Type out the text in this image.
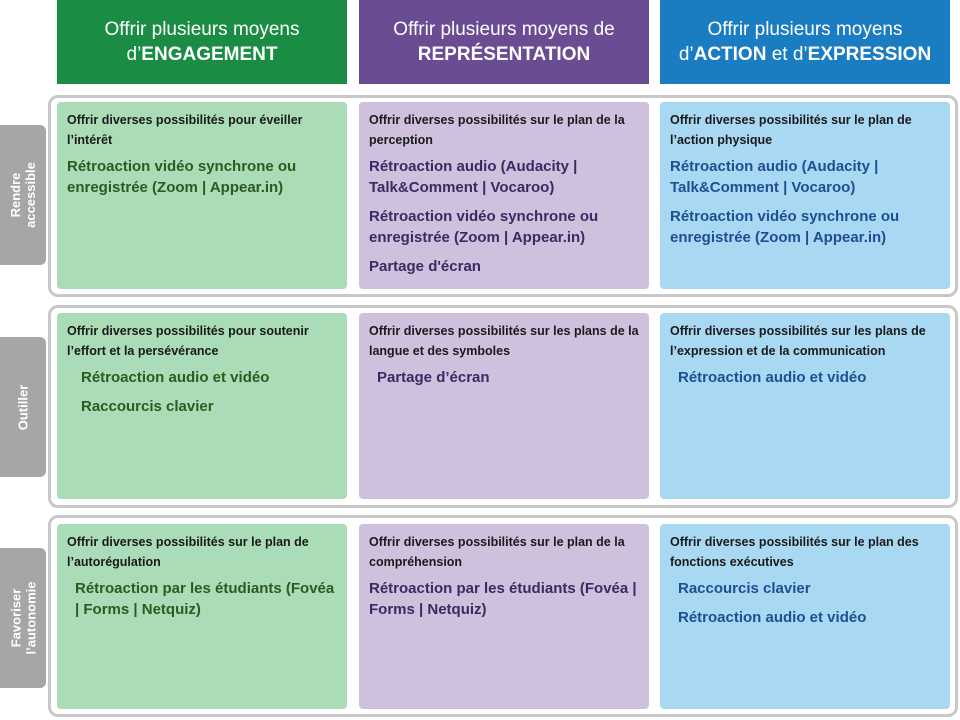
Offrir plusieurs moyens
d’ENGAGEMENT
Offrir plusieurs moyens de
REPRÉSENTATION
Offrir plusieurs moyens
d’ACTION et d’EXPRESSION
Rendre accessible
Outiller
Favoriser l’autonomie
Offrir diverses possibilités pour éveiller l’intérêt
Rétroaction vidéo synchrone ou enregistrée (Zoom | Appear.in)
Offrir diverses possibilités sur le plan de la perception
Rétroaction audio (Audacity | Talk&Comment | Vocaroo)
Rétroaction vidéo synchrone ou enregistrée (Zoom | Appear.in)
Partage d'écran
Offrir diverses possibilités sur le plan de l’action physique
Rétroaction audio (Audacity | Talk&Comment | Vocaroo)
Rétroaction vidéo synchrone ou enregistrée (Zoom | Appear.in)
Offrir diverses possibilités pour soutenir l’effort et la persévérance
Rétroaction audio et vidéo
Raccourcis clavier
Offrir diverses possibilités sur les plans de la langue et des symboles
Partage d’écran
Offrir diverses possibilités sur les plans de l’expression et de la communication
Rétroaction audio et vidéo
Offrir diverses possibilités sur le plan de l’autorégulation
Rétroaction par les étudiants (Fovéa | Forms | Netquiz)
Offrir diverses possibilités sur le plan de la compréhension
Rétroaction par les étudiants (Fovéa | Forms | Netquiz)
Offrir diverses possibilités sur le plan des fonctions exécutives
Raccourcis clavier
Rétroaction audio et vidéo
